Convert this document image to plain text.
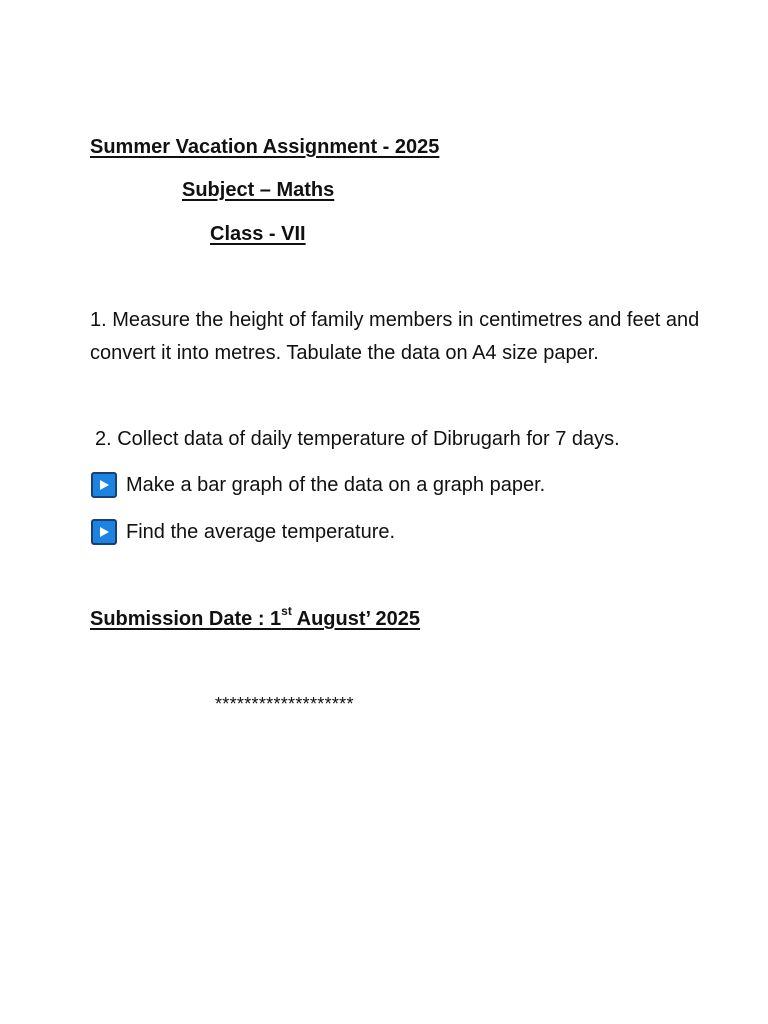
Summer Vacation Assignment - 2025
Subject – Maths
Class - VII
1. Measure the height of family members in centimetres and feet and convert it into metres. Tabulate the data on A4 size paper.
2. Collect data of daily temperature of Dibrugarh for 7 days.
Make a bar graph of the data on a graph paper.
Find the average temperature.
Submission Date : 1st August’ 2025
*******************
